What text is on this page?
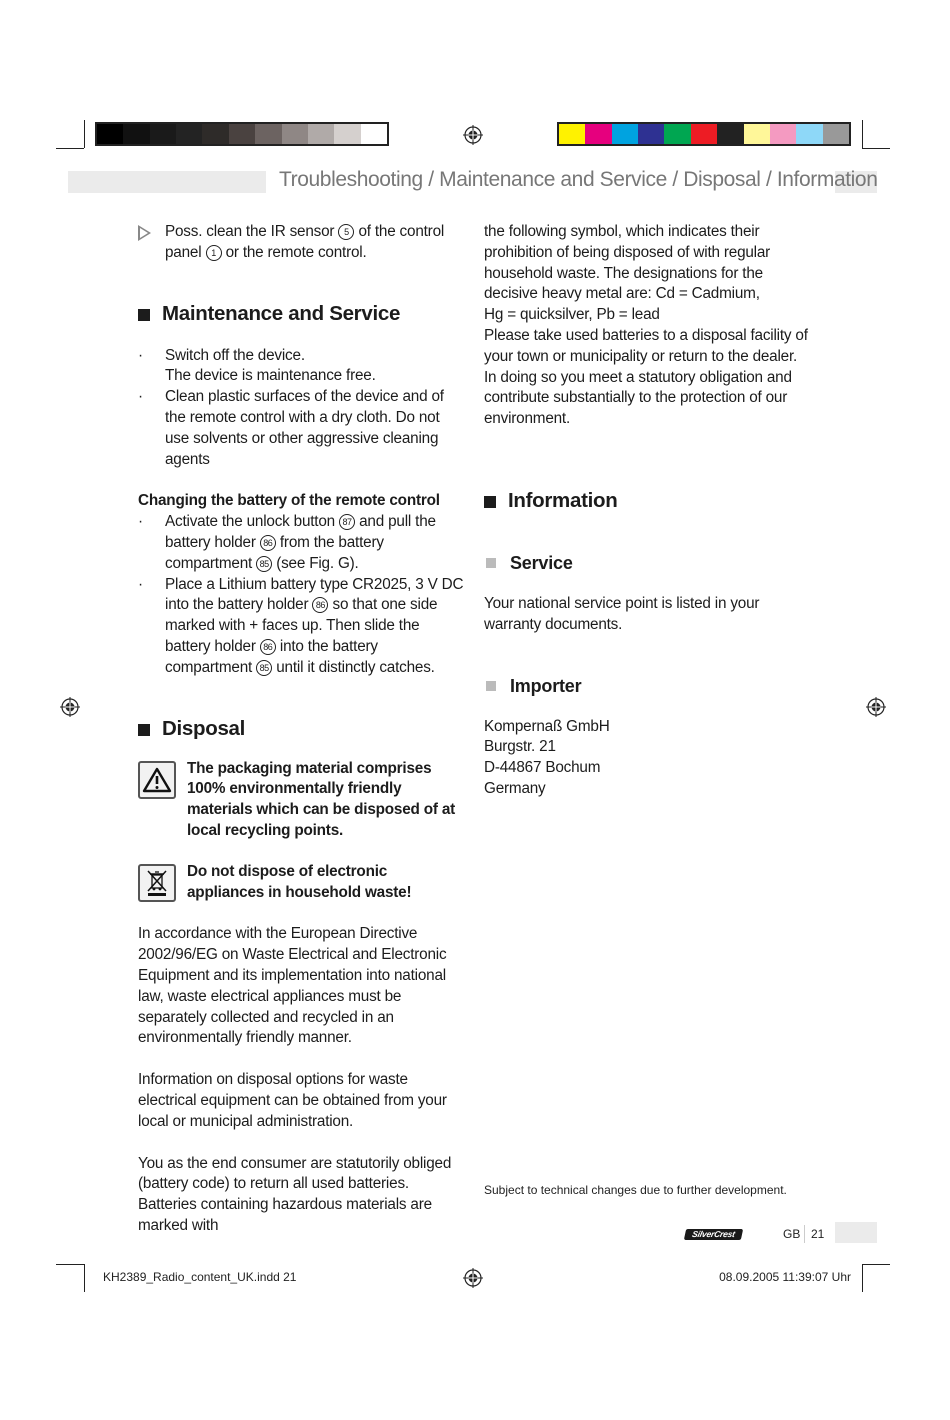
Troubleshooting / Maintenance and Service / Disposal / Information
Poss. clean the IR sensor 5 of the control panel 1 or the remote control.
Maintenance and Service
· Switch off the device.

The device is maintenance free.

· Clean plastic surfaces of the device and of the remote control with a dry cloth. Do not use solvents or other aggressive cleaning agents

Changing the battery of the remote control

· Activate the unlock button 87 and pull the battery holder 86 from the battery compartment 85 (see Fig. G).
· Place a Lithium battery type CR2025, 3 V DC into the battery holder 86 so that one side marked with + faces up. Then slide the battery holder 86 into the battery compartment 85 until it distinctly catches.
Disposal

The packaging material comprises 100% environmentally friendly materials which can be disposed of at local recycling points.

Do not dispose of electronic appliances in household waste!

In accordance with the European Directive 2002/96/EG on Waste Electrical and Electronic Equipment and its implementation into national law, waste electrical appliances must be separately collected and recycled in an environmentally friendly manner.

Information on disposal options for waste electrical equipment can be obtained from your local or municipal administration.

You as the end consumer are statutorily obliged (battery code) to return all used batteries. Batteries containing hazardous materials are marked with

the following symbol, which indicates their prohibition of being disposed of with regular household waste. The designations for the decisive heavy metal are: Cd = Cadmium,

Hg = quicksilver, Pb = lead

Please take used batteries to a disposal facility of your town or municipality or return to the dealer. In doing so you meet a statutory obligation and contribute substantially to the protection of our environment.

Information
Service

Your national service point is listed in your warranty documents.

Importer

Kompernaß GmbH

Burgstr. 21

D-44867 Bochum

Germany

Subject to technical changes due to further development.
SilverCrest	GB 21
KH2389_Radio_content_UK.indd 21	08.09.2005 11:39:07 Uhr
